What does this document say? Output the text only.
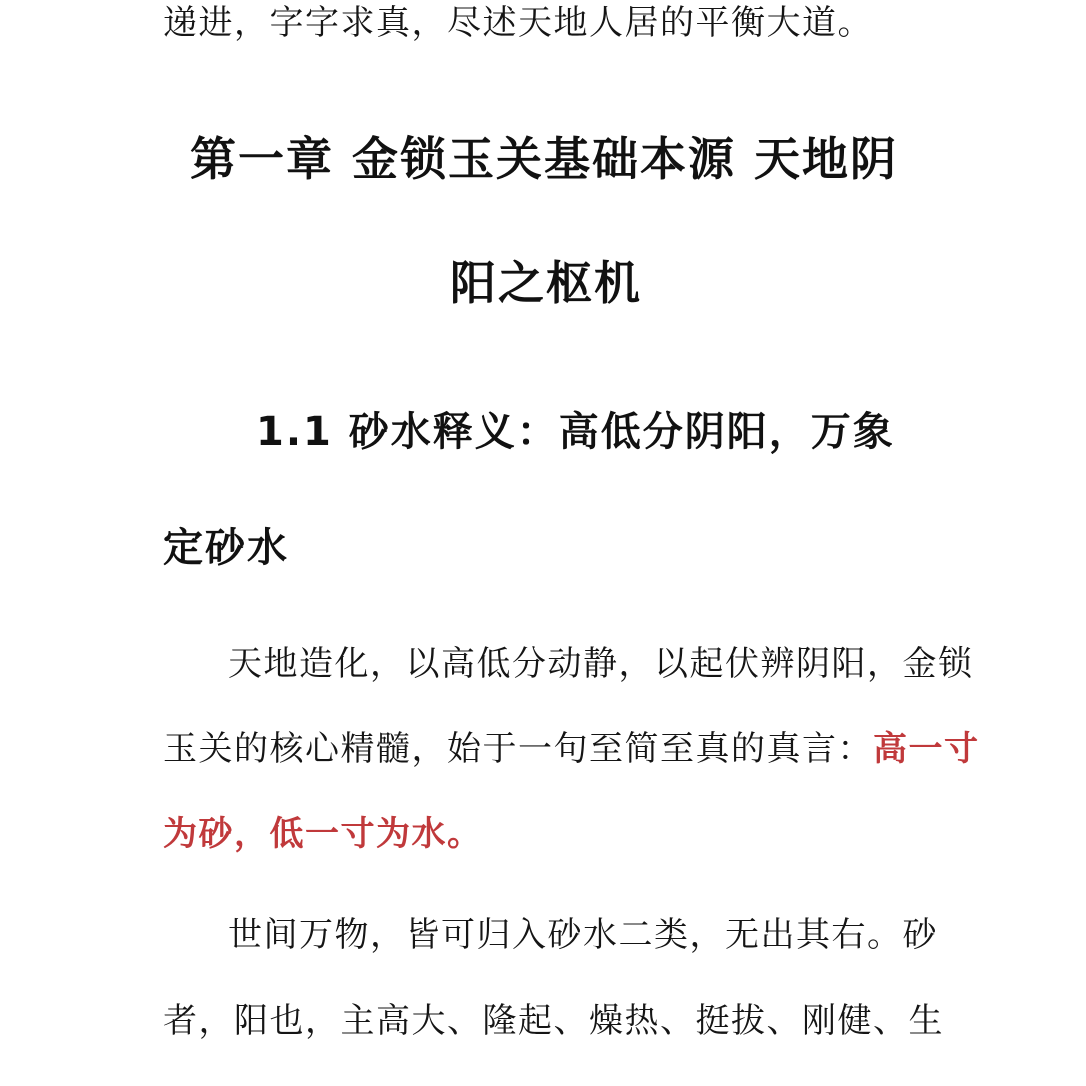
递进，字字求真，尽述天地人居的平衡大道。
第一章 金锁玉关基础本源 天地阴
阳之枢机
1.1 砂水释义：高低分阴阳，万象
定砂水
天地造化，以高低分动静，以起伏辨阴阳，金锁
玉关的核心精髓，始于一句至简至真的真言：高一寸
为砂，低一寸为水。
世间万物，皆可归入砂水二类，无出其右。砂
者，阳也，主高大、隆起、燥热、挺拔、刚健、生
